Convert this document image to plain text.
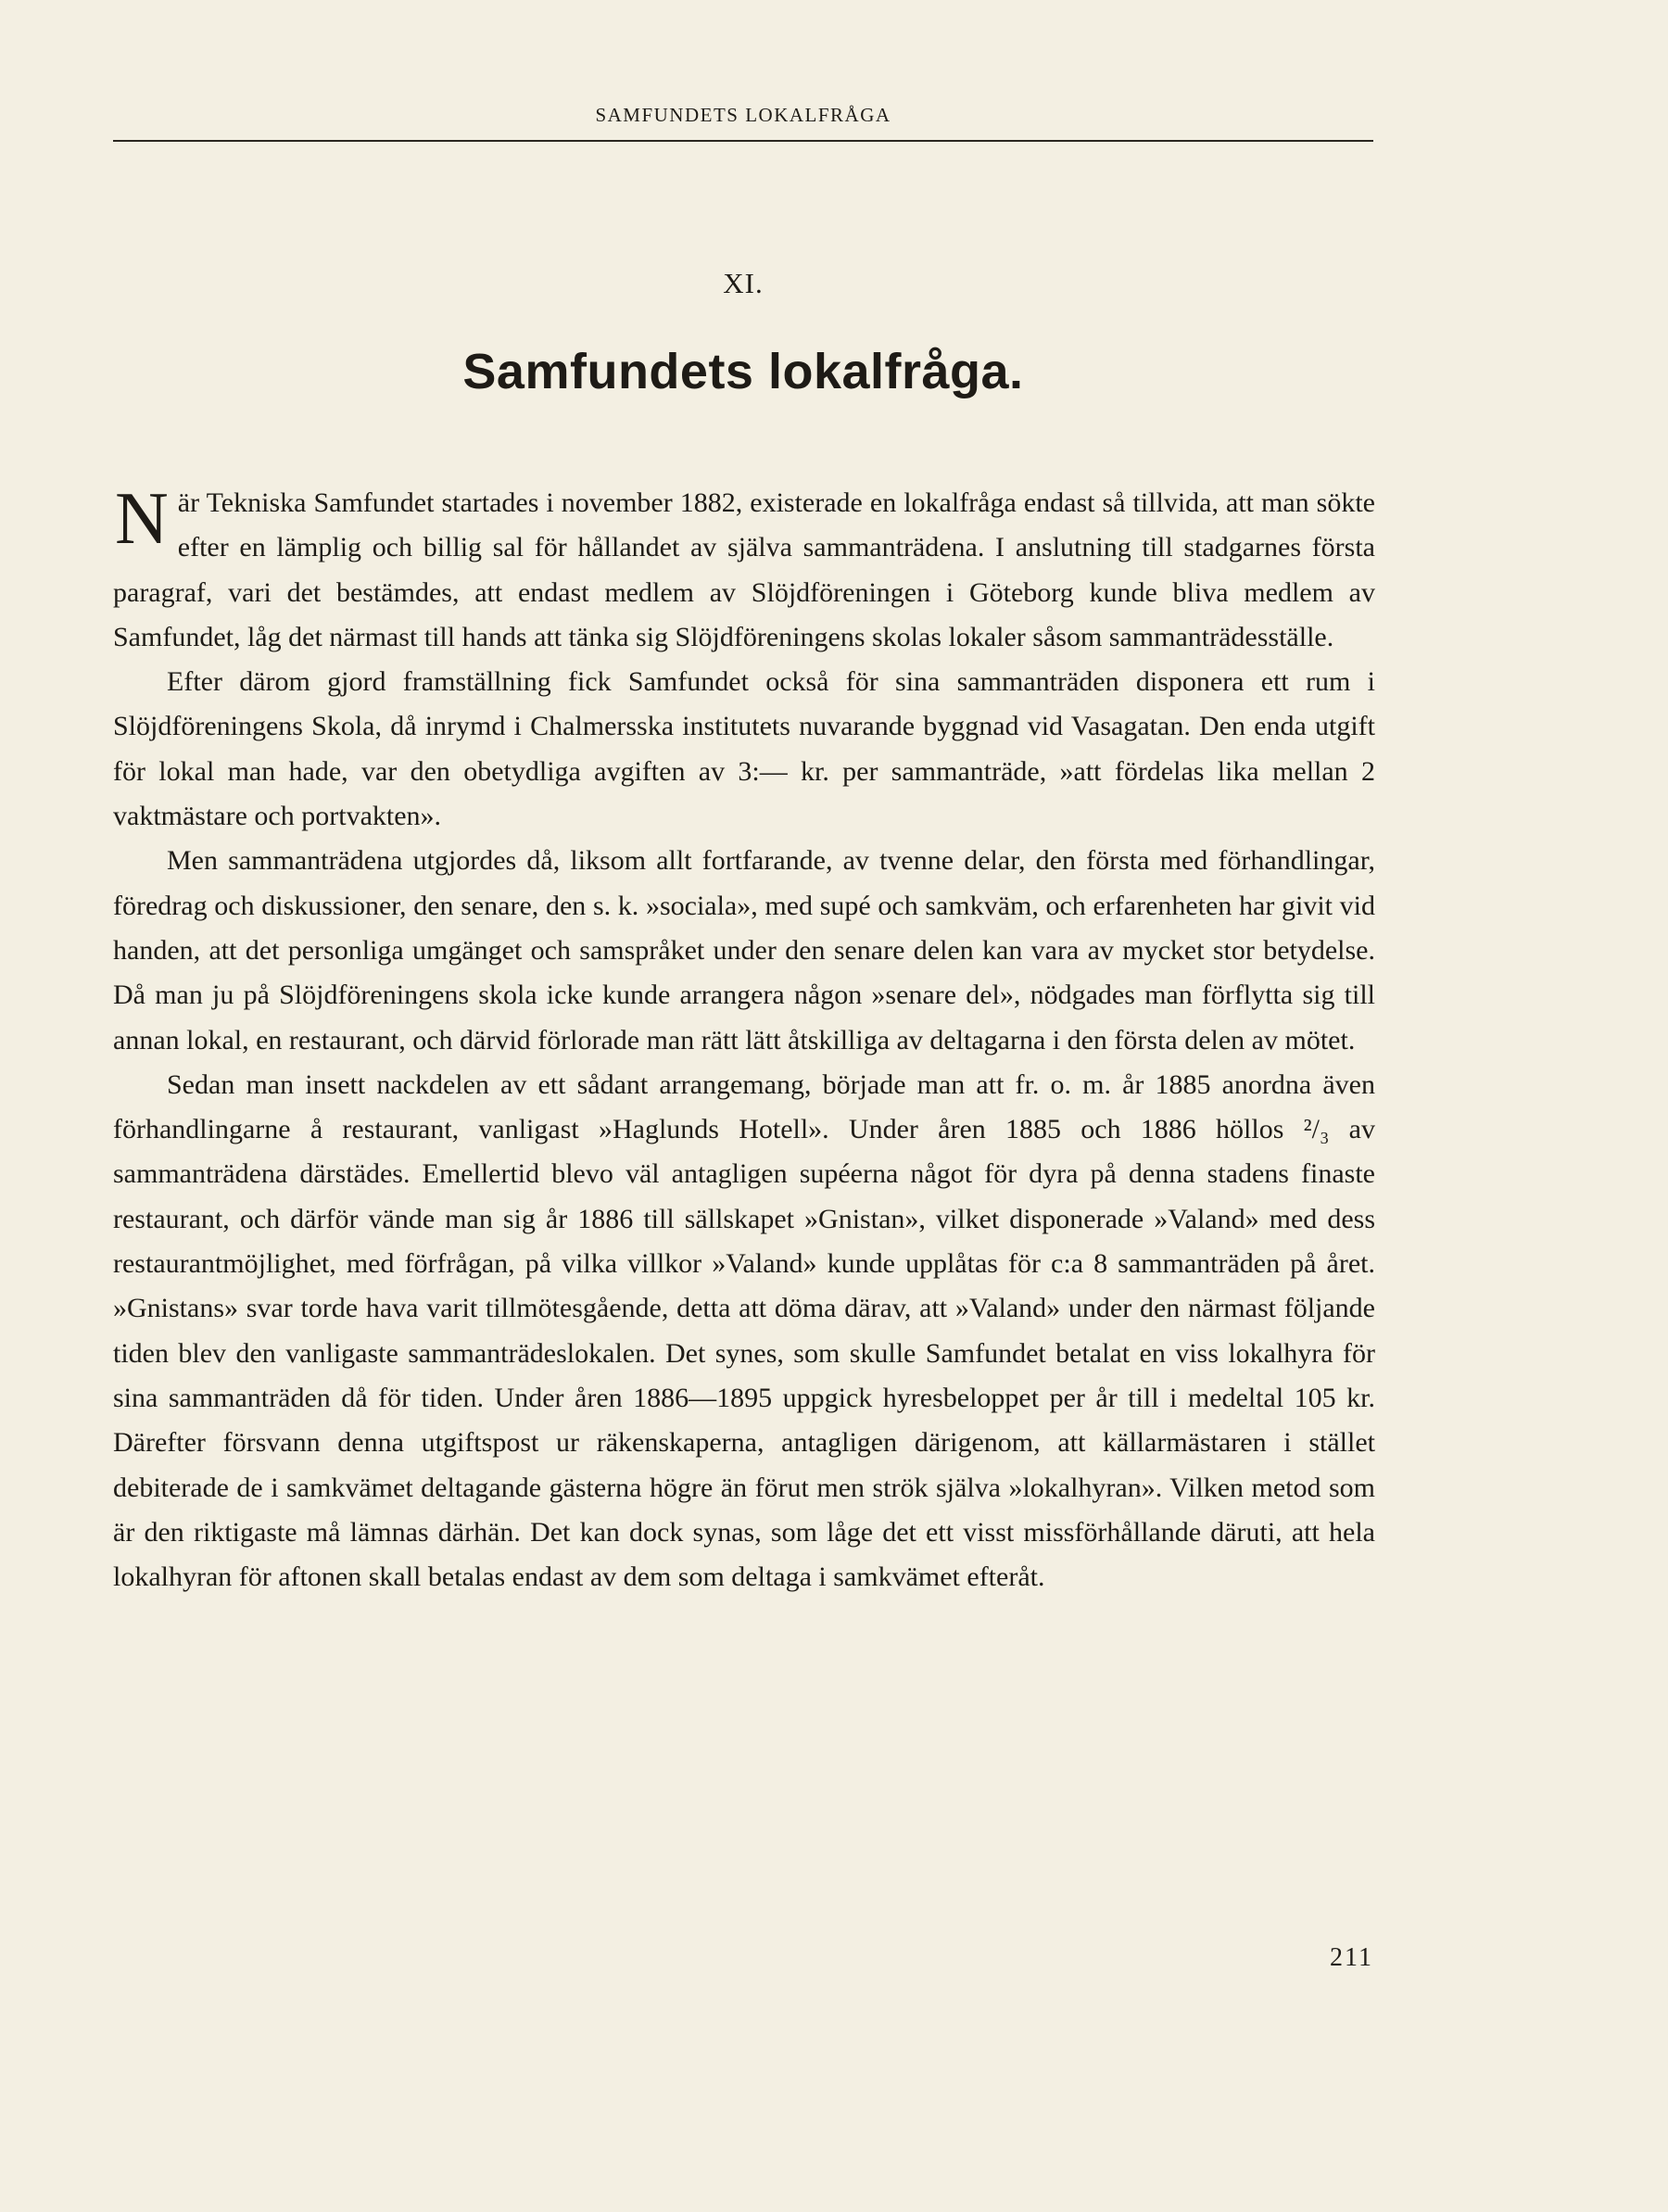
SAMFUNDETS LOKALFRÅGA
XI.
Samfundets lokalfråga.

När Tekniska Samfundet startades i november 1882, existerade en lokalfråga endast så tillvida, att man sökte efter en lämplig och billig sal för hållandet av själva sammanträdena. I anslutning till stadgarnes första paragraf, vari det bestämdes, att endast medlem av Slöjdföreningen i Göteborg kunde bliva medlem av Samfundet, låg det närmast till hands att tänka sig Slöjdföreningens skolas lokaler såsom sammanträdesställe.

Efter därom gjord framställning fick Samfundet också för sina sammanträden disponera ett rum i Slöjdföreningens Skola, då inrymd i Chalmersska institutets nuvarande byggnad vid Vasagatan. Den enda utgift för lokal man hade, var den obetydliga avgiften av 3:— kr. per sammanträde, »att fördelas lika mellan 2 vaktmästare och portvakten».

Men sammanträdena utgjordes då, liksom allt fortfarande, av tvenne delar, den första med förhandlingar, föredrag och diskussioner, den senare, den s. k. »sociala», med supé och samkväm, och erfarenheten har givit vid handen, att det personliga umgänget och samspråket under den senare delen kan vara av mycket stor betydelse. Då man ju på Slöjdföreningens skola icke kunde arrangera någon »senare del», nödgades man förflytta sig till annan lokal, en restaurant, och därvid förlorade man rätt lätt åtskilliga av deltagarna i den första delen av mötet.

Sedan man insett nackdelen av ett sådant arrangemang, började man att fr. o. m. år 1885 anordna även förhandlingarne å restaurant, vanligast »Haglunds Hotell». Under åren 1885 och 1886 höllos ²/₃ av sammanträdena därstädes. Emellertid blevo väl antagligen supéerna något för dyra på denna stadens finaste restaurant, och därför vände man sig år 1886 till sällskapet »Gnistan», vilket disponerade »Valand» med dess restaurantmöjlighet, med förfrågan, på vilka villkor »Valand» kunde upplåtas för c:a 8 sammanträden på året. »Gnistans» svar torde hava varit tillmötesgående, detta att döma därav, att »Valand» under den närmast följande tiden blev den vanligaste sammanträdeslokalen. Det synes, som skulle Samfundet betalat en viss lokalhyra för sina sammanträden då för tiden. Under åren 1886—1895 uppgick hyresbeloppet per år till i medeltal 105 kr. Därefter försvann denna utgiftspost ur räkenskaperna, antagligen därigenom, att källarmästaren i stället debiterade de i samkvämet deltagande gästerna högre än förut men strök själva »lokalhyran». Vilken metod som är den riktigaste må lämnas därhän. Det kan dock synas, som låge det ett visst missförhållande däruti, att hela lokalhyran för aftonen skall betalas endast av dem som deltaga i samkvämet efteråt.

211
